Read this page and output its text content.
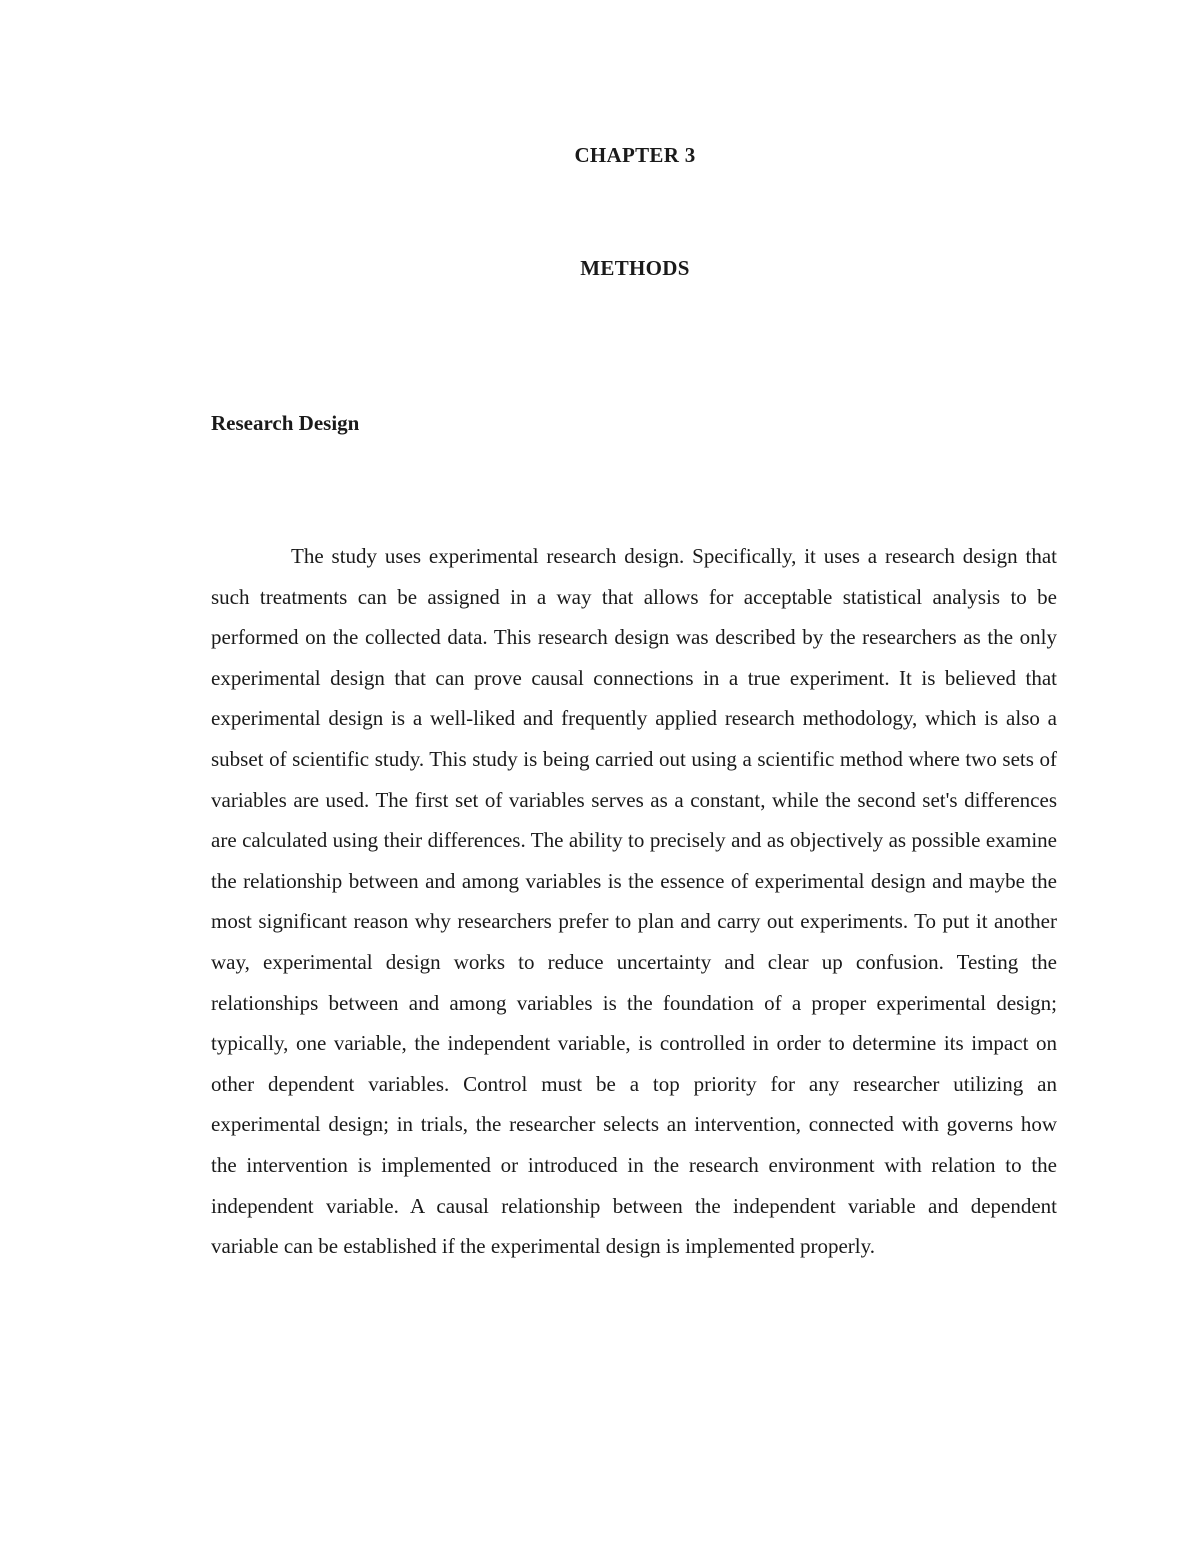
CHAPTER 3
METHODS
Research Design

The study uses experimental research design. Specifically, it uses a research design that such treatments can be assigned in a way that allows for acceptable statistical analysis to be performed on the collected data. This research design was described by the researchers as the only experimental design that can prove causal connections in a true experiment. It is believed that experimental design is a well-liked and frequently applied research methodology, which is also a subset of scientific study. This study is being carried out using a scientific method where two sets of variables are used. The first set of variables serves as a constant, while the second set's differences are calculated using their differences. The ability to precisely and as objectively as possible examine the relationship between and among variables is the essence of experimental design and maybe the most significant reason why researchers prefer to plan and carry out experiments. To put it another way, experimental design works to reduce uncertainty and clear up confusion. Testing the relationships between and among variables is the foundation of a proper experimental design; typically, one variable, the independent variable, is controlled in order to determine its impact on other dependent variables. Control must be a top priority for any researcher utilizing an experimental design; in trials, the researcher selects an intervention, connected with governs how the intervention is implemented or introduced in the research environment with relation to the independent variable. A causal relationship between the independent variable and dependent variable can be established if the experimental design is implemented properly.
